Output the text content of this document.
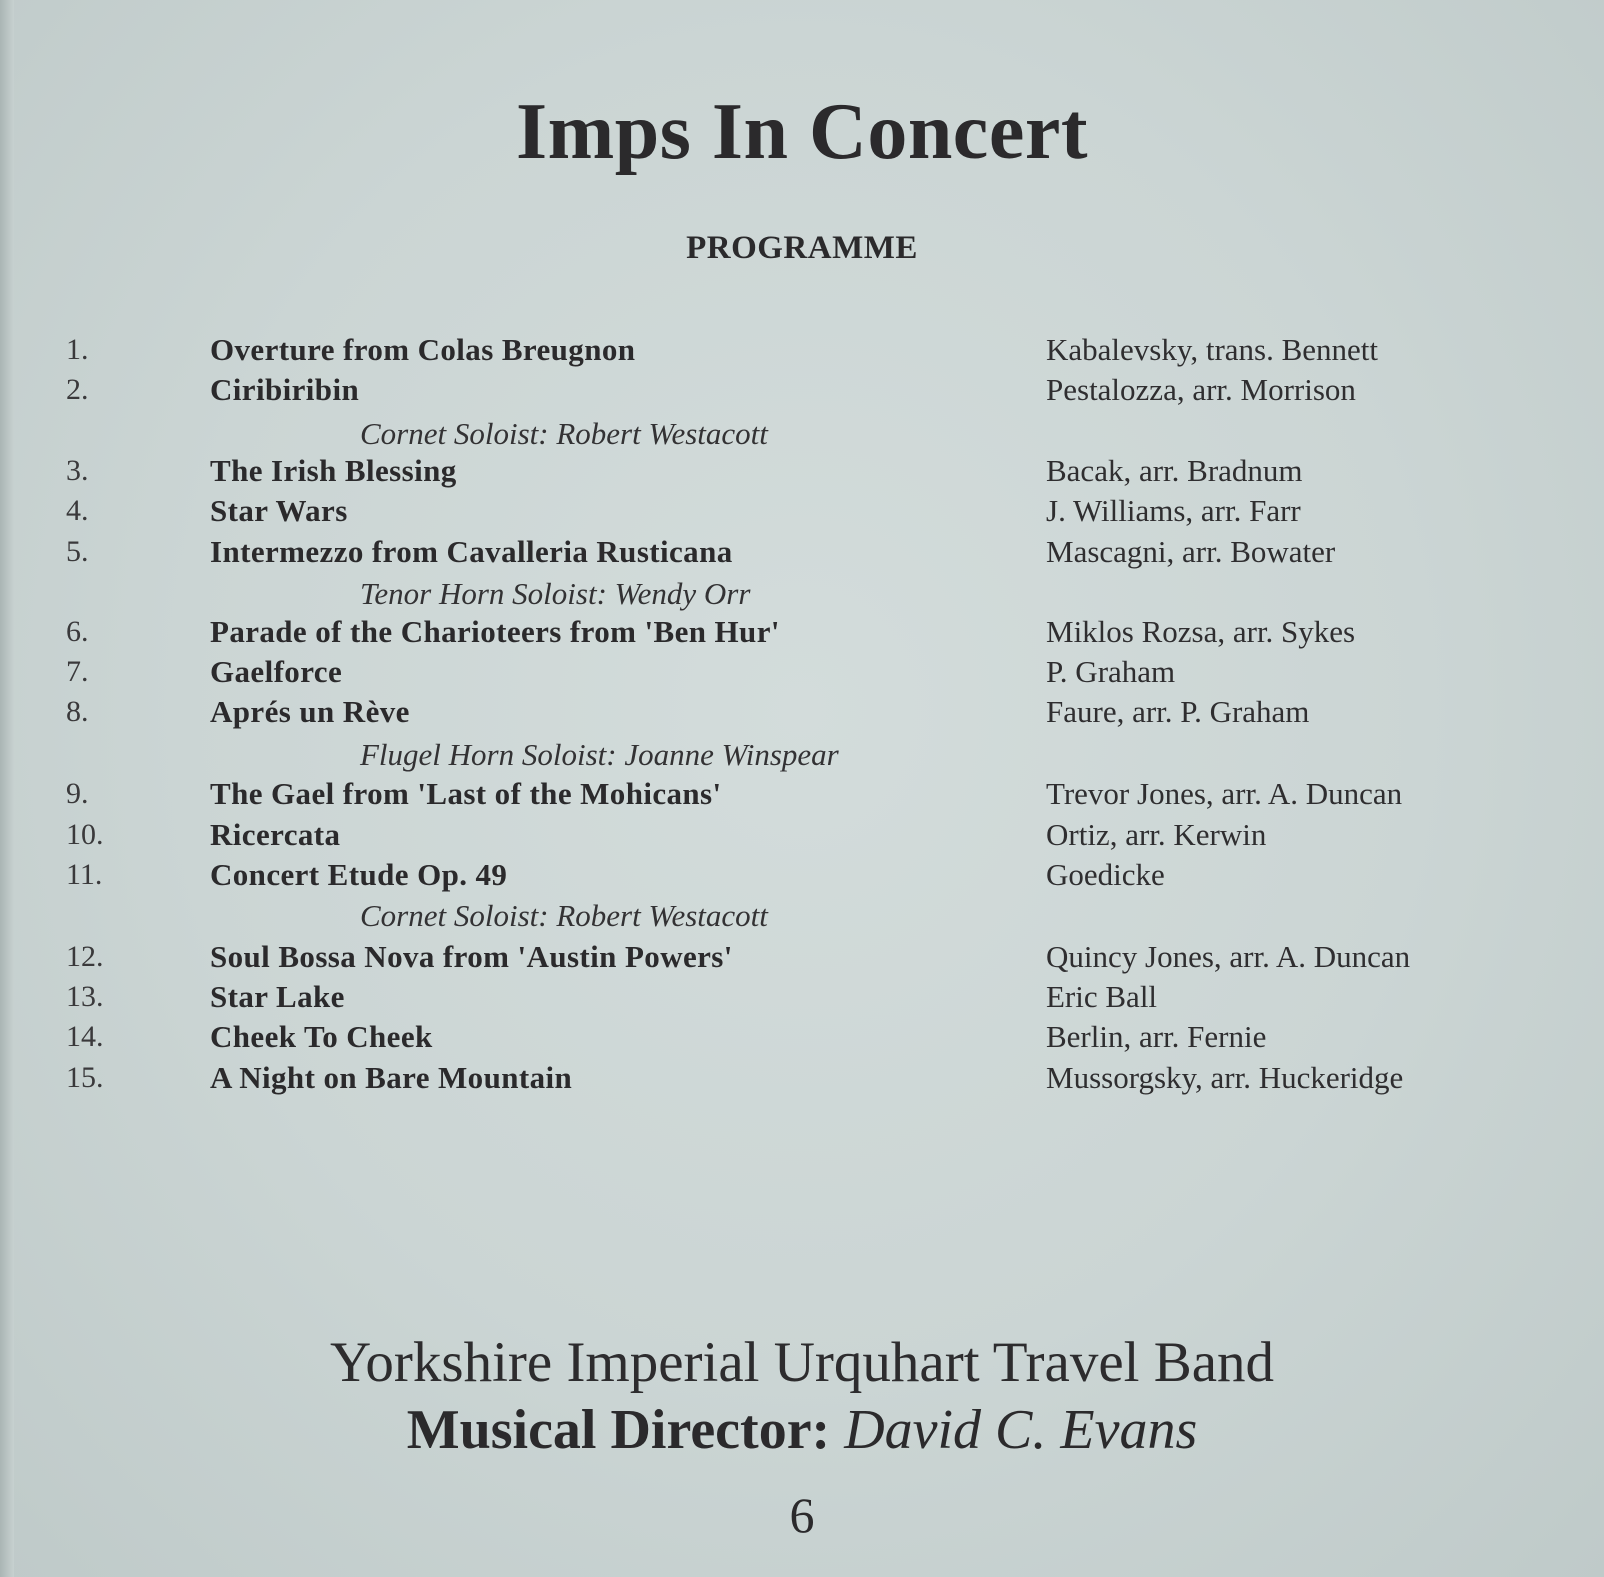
Imps In Concert
PROGRAMME
1.	Overture from Colas Breugnon	Kabalevsky, trans. Bennett
2.	Ciribiribin	Pestalozza, arr. Morrison
Cornet Soloist: Robert Westacott
3.	The Irish Blessing	Bacak, arr. Bradnum
4.	Star Wars	J. Williams, arr. Farr
5.	Intermezzo from Cavalleria Rusticana	Mascagni, arr. Bowater
Tenor Horn Soloist: Wendy Orr
6.	Parade of the Charioteers from 'Ben Hur'	Miklos Rozsa, arr. Sykes
7.	Gaelforce	P. Graham
8.	Aprés un Rève	Faure, arr. P. Graham
Flugel Horn Soloist: Joanne Winspear
9.	The Gael from 'Last of the Mohicans'	Trevor Jones, arr. A. Duncan
10.	Ricercata	Ortiz, arr. Kerwin
11.	Concert Etude Op. 49	Goedicke
Cornet Soloist: Robert Westacott
12.	Soul Bossa Nova from 'Austin Powers'	Quincy Jones, arr. A. Duncan
13.	Star Lake	Eric Ball
14.	Cheek To Cheek	Berlin, arr. Fernie
15.	A Night on Bare Mountain	Mussorgsky, arr. Huckeridge
Yorkshire Imperial Urquhart Travel Band
Musical Director: David C. Evans
6
